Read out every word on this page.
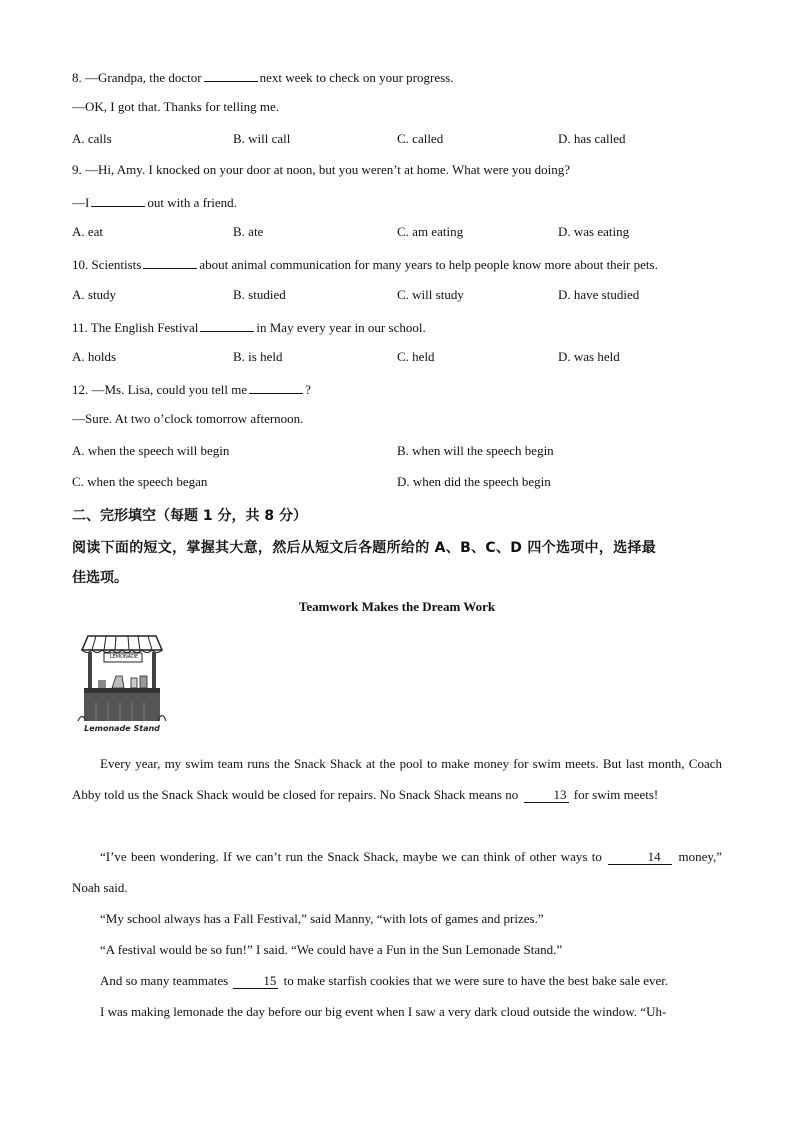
8. —Grandpa, the doctor	next week to check on your progress.
—OK, I got that. Thanks for telling me.
A. calls	B. will call	C. called	D. has called
9. —Hi, Amy. I knocked on your door at noon, but you weren’t at home. What were you doing?
—I	out with a friend.
A. eat	B. ate	C. am eating	D. was eating
10. Scientists	about animal communication for many years to help people know more about their pets.
A. study	B. studied	C. will study	D. have studied
11. The English Festival	in May every year in our school.
A. holds	B. is held	C. held	D. was held
12. —Ms. Lisa, could you tell me	?
—Sure. At two o’clock tomorrow afternoon.
A. when the speech will begin	B. when will the speech begin
C. when the speech began	D. when did the speech begin
二、完形填空（每题 1 分，共 8 分）
阅读下面的短文，掌握其大意，然后从短文后各题所给的 A、B、C、D 四个选项中，选择最
佳选项。
Teamwork Makes the Dream Work
LEMONADE
Lemonade Stand
Every year, my swim team runs the Snack Shack at the pool to make money for swim meets. But last month, Coach Abby told us the Snack Shack would be closed for repairs. No Snack Shack means no	13 for swim meets!
“I’ve been wondering. If we can’t run the Snack Shack, maybe we can think of other ways to	14 money,” Noah said.
“My school always has a Fall Festival,” said Manny, “with lots of games and prizes.”
“A festival would be so fun!” I said. “We could have a Fun in the Sun Lemonade Stand.”
And so many teammates	15 to make starfish cookies that we were sure to have the best bake sale ever.
I was making lemonade the day before our big event when I saw a very dark cloud outside the window. “Uh-
